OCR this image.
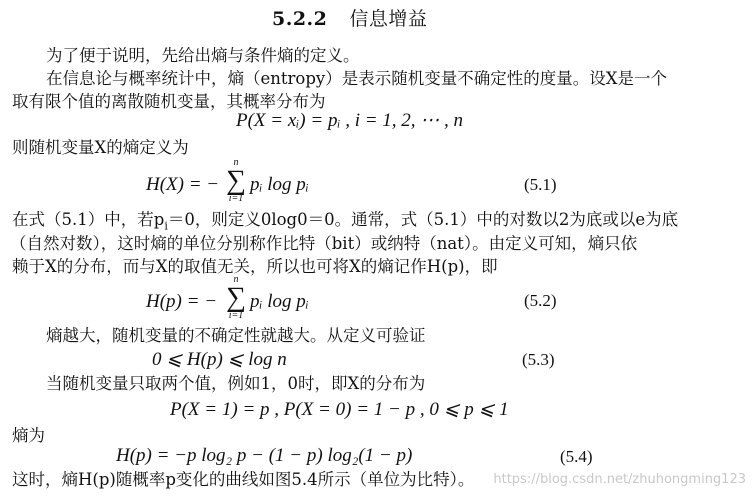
5.2.2 信息增益
为了便于说明，先给出熵与条件熵的定义。
在信息论与概率统计中，熵（entropy）是表示随机变量不确定性的度量。设X是一个
取有限个值的离散随机变量，其概率分布为
P(X = xᵢ) = pᵢ , i = 1, 2, ⋯ , n
则随机变量X的熵定义为
H(X) = −
n
∑
i=1
pᵢ log pᵢ	(5.1)
在式（5.1）中，若$p_i=0$，则定义0log0＝0。通常，式（5.1）中的对数以2为底或以e为底
（自然对数），这时熵的单位分别称作比特（bit）或纳特（nat）。由定义可知，熵只依
赖于X的分布，而与X的取值无关，所以也可将X的熵记作H(p)，即
H(p) = −
n
∑
i=1
pᵢ log pᵢ	(5.2)
熵越大，随机变量的不确定性就越大。从定义可验证
0 ⩽ H(p) ⩽ log n	(5.3)
当随机变量只取两个值，例如1，0时，即X的分布为
P(X = 1) = p , P(X = 0) = 1 − p , 0 ⩽ p ⩽ 1
熵为
H(p) = −p log₂ p − (1 − p) log₂(1 − p)	(5.4)
这时，熵H(p)随概率p变化的曲线如图5.4所示（单位为比特）。 https://blog.csdn.net/zhuhongming123
